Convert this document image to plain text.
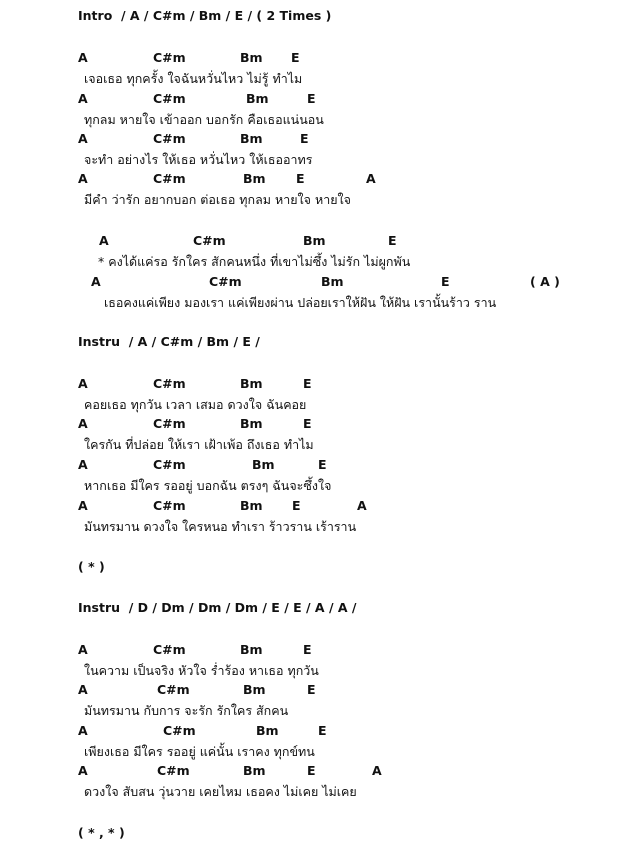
Intro  / A / C#m / Bm / E / ( 2 Times )
A	C#m	Bm E
เจอเธอ ทุกครั้ง ใจฉันหวั่นไหว ไม่รู้ ทำไม
A	C#m	Bm	E
ทุกลม หายใจ เข้าออก บอกรัก คือเธอแน่นอน
A	C#m	Bm	E
จะทำ อย่างไร ให้เธอ หวั่นไหว ให้เธออาทร
A	C#m	Bm E	A
มีคำ ว่ารัก อยากบอก ต่อเธอ ทุกลม หายใจ หายใจ
A	C#m	Bm	E
* คงได้แค่รอ รักใคร สักคนหนึ่ง ที่เขาไม่ซึ้ง ไม่รัก ไม่ผูกพัน
A	C#m	Bm	E	( A )
เธอคงแค่เพียง มองเรา แค่เพียงผ่าน ปล่อยเราให้ฝัน ให้ฝัน เรานั้นร้าว ราน
Instru  / A / C#m / Bm / E /
A	C#m	Bm	E
คอยเธอ ทุกวัน เวลา เสมอ ดวงใจ ฉันคอย
A	C#m	Bm	E
ใครกัน ที่ปล่อย ให้เรา เฝ้าเพ้อ ถึงเธอ ทำไม
A	C#m	Bm	E
หากเธอ มีใคร รออยู่ บอกฉัน ตรงๆ ฉันจะซึ้งใจ
A	C#m	Bm E	A
มันทรมาน ดวงใจ ใครหนอ ทำเรา ร้าวราน เร้าราน
( * )
Instru  / D / Dm / Dm / Dm / E / E / A / A /
A	C#m	Bm	E
ในความ เป็นจริง หัวใจ ร่ำร้อง หาเธอ ทุกวัน
A	C#m	Bm	E
มันทรมาน กับการ จะรัก รักใคร สักคน
A	C#m	Bm	E
เพียงเธอ มีใคร รออยู่ แค่นั้น เราคง ทุกข์ทน
A	C#m	Bm	E	A
ดวงใจ สับสน วุ่นวาย เคยไหม เธอคง ไม่เคย ไม่เคย
( * , * )
